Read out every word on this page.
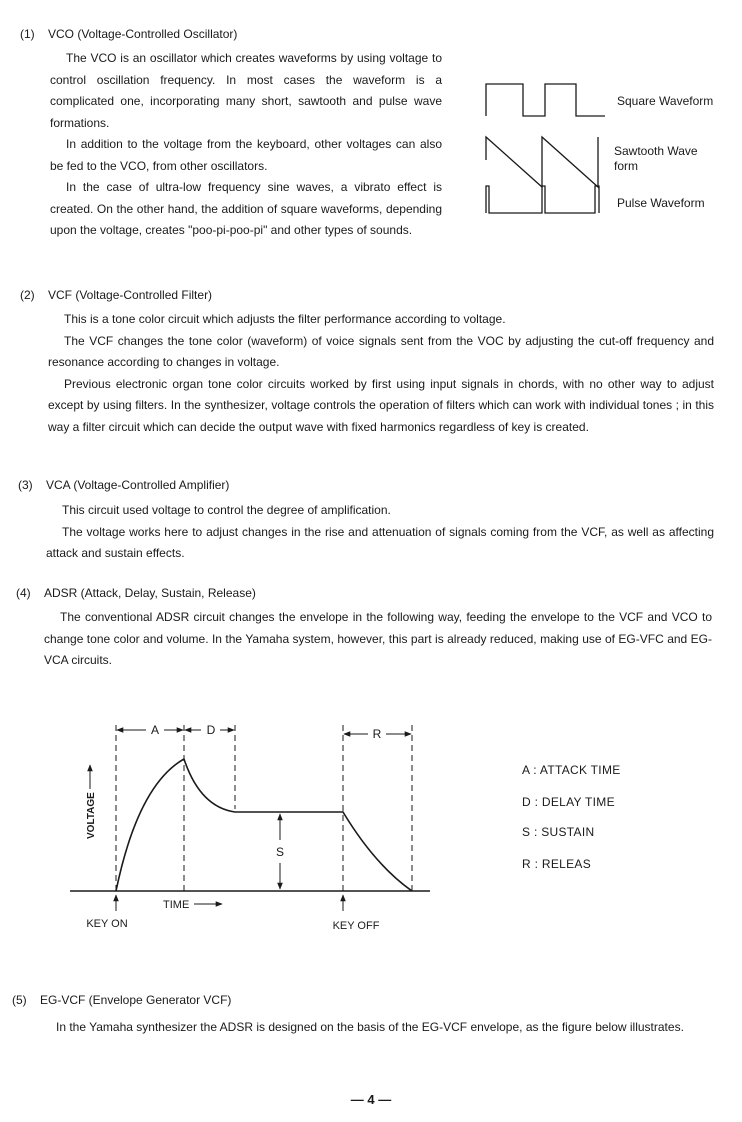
(1) VCO (Voltage-Controlled Oscillator)

The VCO is an oscillator which creates waveforms by using voltage to control oscillation frequency. In most cases the waveform is a complicated one, incorporating many short, sawtooth and pulse wave formations.

In addition to the voltage from the keyboard, other voltages can also be fed to the VCO, from other oscillators.

In the case of ultra-low frequency sine waves, a vibrato effect is created. On the other hand, the addition of square waveforms, depending upon the voltage, creates "poo-pi-poo-pi" and other types of sounds.

Square Waveform
Sawtooth Wave form
Pulse Waveform
(2) VCF (Voltage-Controlled Filter)

This is a tone color circuit which adjusts the filter performance according to voltage.

The VCF changes the tone color (waveform) of voice signals sent from the VOC by adjusting the cut-off frequency and resonance according to changes in voltage.

Previous electronic organ tone color circuits worked by first using input signals in chords, with no other way to adjust except by using filters. In the synthesizer, voltage controls the operation of filters which can work with individual tones ; in this way a filter circuit which can decide the output wave with fixed harmonics regardless of key is created.

(3) VCA (Voltage-Controlled Amplifier)

This circuit used voltage to control the degree of amplification.

The voltage works here to adjust changes in the rise and attenuation of signals coming from the VCF, as well as affecting attack and sustain effects.

(4) ADSR (Attack, Delay, Sustain, Release)

The conventional ADSR circuit changes the envelope in the following way, feeding the envelope to the VCF and VCO to change tone color and volume. In the Yamaha system, however, this part is already reduced, making use of EG-VFC and EG-VCA circuits.

A	D	R
S
VOLTAGE
TIME
KEY ON	KEY OFF
A : ATTACK TIME
D : DELAY TIME
S : SUSTAIN
R : RELEAS
(5) EG-VCF (Envelope Generator VCF)

In the Yamaha synthesizer the ADSR is designed on the basis of the EG-VCF envelope, as the figure below illustrates.

— 4 —
